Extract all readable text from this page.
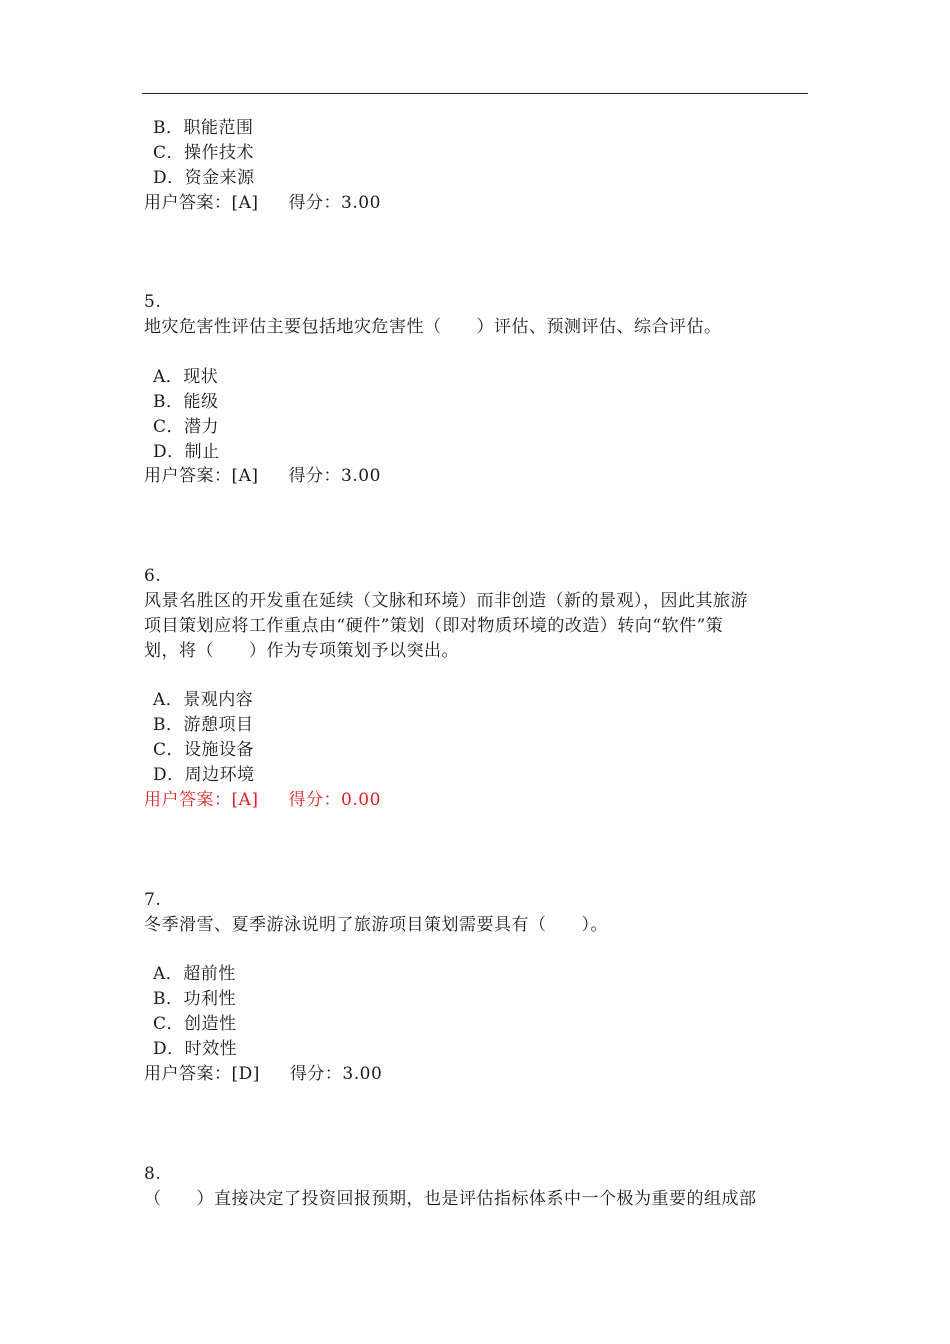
B．职能范围
C．操作技术
D．资金来源
用户答案：[A] 得分：3.00
5.
地灾危害性评估主要包括地灾危害性（　　）评估、预测评估、综合评估。
A．现状
B．能级
C．潜力
D．制止
用户答案：[A] 得分：3.00
6.
风景名胜区的开发重在延续（文脉和环境）而非创造（新的景观），因此其旅游
项目策划应将工作重点由“硬件”策划（即对物质环境的改造）转向“软件”策
划，将（　　）作为专项策划予以突出。
A．景观内容
B．游憩项目
C．设施设备
D．周边环境
用户答案：[A] 得分：0.00
7.
冬季滑雪、夏季游泳说明了旅游项目策划需要具有（　　）。
A．超前性
B．功利性
C．创造性
D．时效性
用户答案：[D] 得分：3.00
8.
（　　）直接决定了投资回报预期，也是评估指标体系中一个极为重要的组成部
